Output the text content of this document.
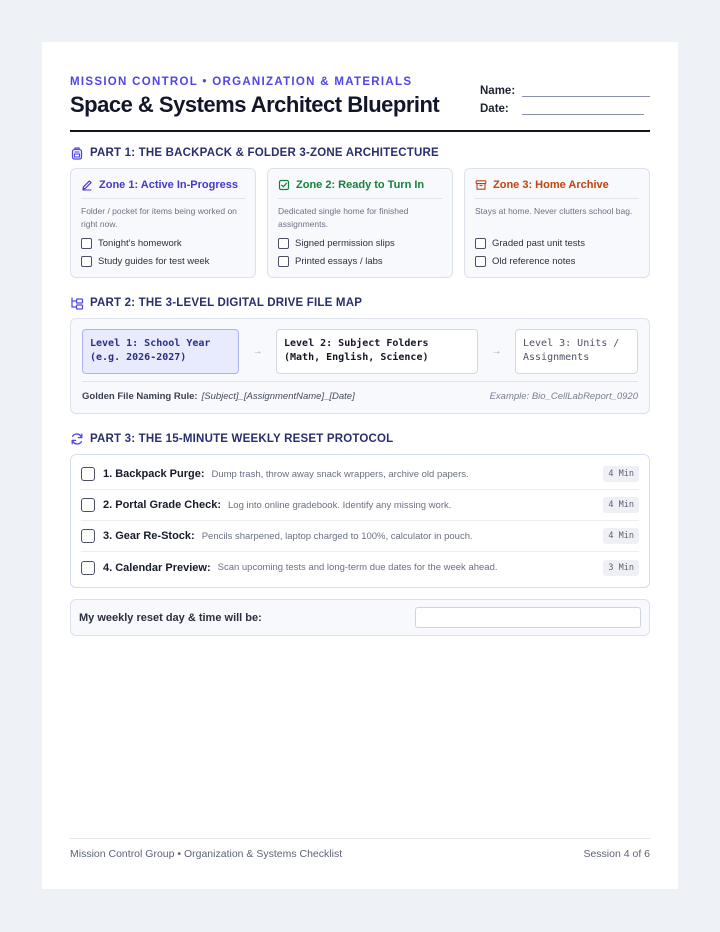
MISSION CONTROL • ORGANIZATION & MATERIALS
Space & Systems Architect Blueprint
Name:
Date:
PART 1: THE BACKPACK & FOLDER 3-ZONE ARCHITECTURE
Zone 1: Active In-Progress
Folder / pocket for items being worked on right now.
Tonight's homework
Study guides for test week
Zone 2: Ready to Turn In
Dedicated single home for finished assignments.
Signed permission slips
Printed essays / labs
Zone 3: Home Archive
Stays at home. Never clutters school bag.
Graded past unit tests
Old reference notes
PART 2: THE 3-LEVEL DIGITAL DRIVE FILE MAP
Level 1: School Year
(e.g. 2026-2027)
→
Level 2: Subject Folders
(Math, English, Science)
→
Level 3: Units /
Assignments
Golden File Naming Rule: [Subject]_[AssignmentName]_[Date]	Example: Bio_CellLabReport_0920
PART 3: THE 15-MINUTE WEEKLY RESET PROTOCOL
1. Backpack Purge: Dump trash, throw away snack wrappers, archive old papers.	4 Min
2. Portal Grade Check: Log into online gradebook. Identify any missing work.	4 Min
3. Gear Re-Stock: Pencils sharpened, laptop charged to 100%, calculator in pouch.	4 Min
4. Calendar Preview: Scan upcoming tests and long-term due dates for the week ahead.	3 Min
My weekly reset day & time will be:
Mission Control Group • Organization & Systems Checklist	Session 4 of 6
